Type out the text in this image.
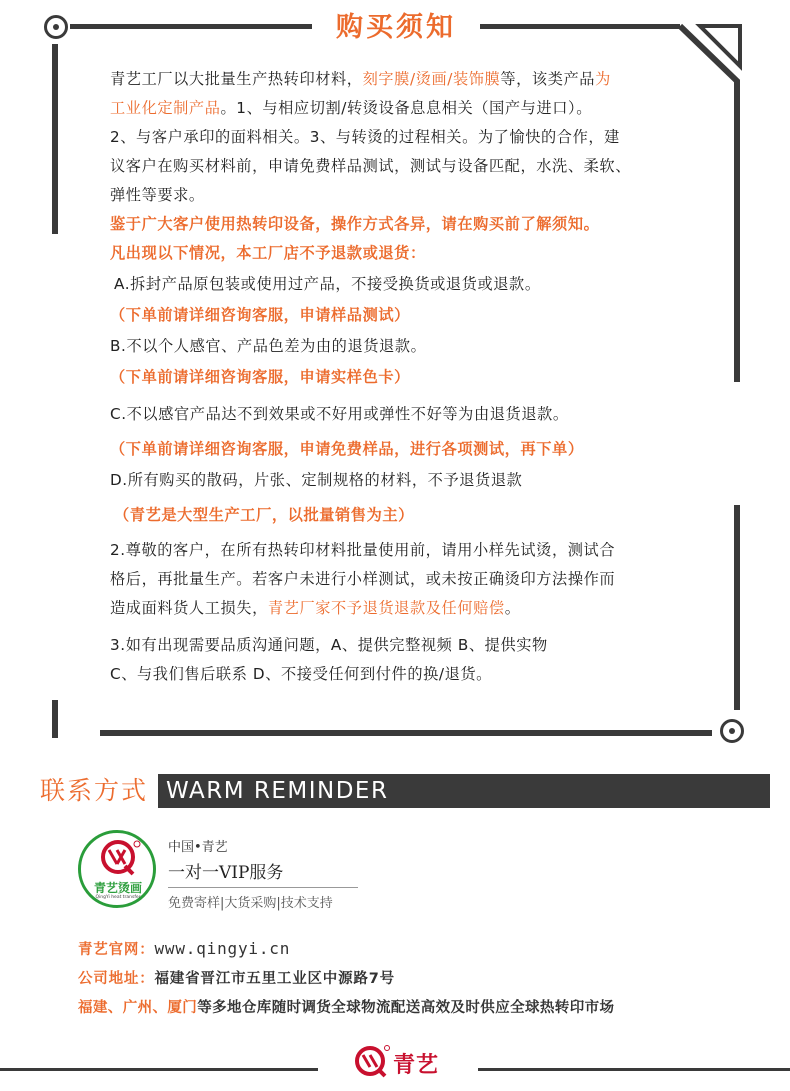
购买须知

青艺工厂以大批量生产热转印材料，刻字膜/烫画/装饰膜等，该类产品为
工业化定制产品。1、与相应切割/转烫设备息息相关（国产与进口）。

2、与客户承印的面料相关。3、与转烫的过程相关。为了愉快的合作，建

议客户在购买材料前，申请免费样品测试，测试与设备匹配，水洗、柔软、

弹性等要求。

鉴于广大客户使用热转印设备，操作方式各异，请在购买前了解须知。

凡出现以下情况，本工厂店不予退款或退货：

A.拆封产品原包装或使用过产品，不接受换货或退货或退款。

（下单前请详细咨询客服，申请样品测试）

B.不以个人感官、产品色差为由的退货退款。

（下单前请详细咨询客服，申请实样色卡）

C.不以感官产品达不到效果或不好用或弹性不好等为由退货退款。

（下单前请详细咨询客服，申请免费样品，进行各项测试，再下单）

D.所有购买的散码，片张、定制规格的材料，不予退货退款

（青艺是大型生产工厂，以批量销售为主）

2.尊敬的客户，在所有热转印材料批量使用前，请用小样先试烫，测试合

格后，再批量生产。若客户未进行小样测试，或未按正确烫印方法操作而

造成面料货人工损失，青艺厂家不予退货退款及任何赔偿。

3.如有出现需要品质沟通问题，A、提供完整视频 B、提供实物

C、与我们售后联系 D、不接受任何到付件的换/退货。

联系方式 WARM REMINDER
青艺烫画
QingYi heat transfer
中国•青艺
一对一VIP服务
免费寄样|大货采购|技术支持
青艺官网：www.qingyi.cn
公司地址：福建省晋江市五里工业区中源路7号
福建、广州、厦门等多地仓库随时调货全球物流配送高效及时供应全球热转印市场
青艺
